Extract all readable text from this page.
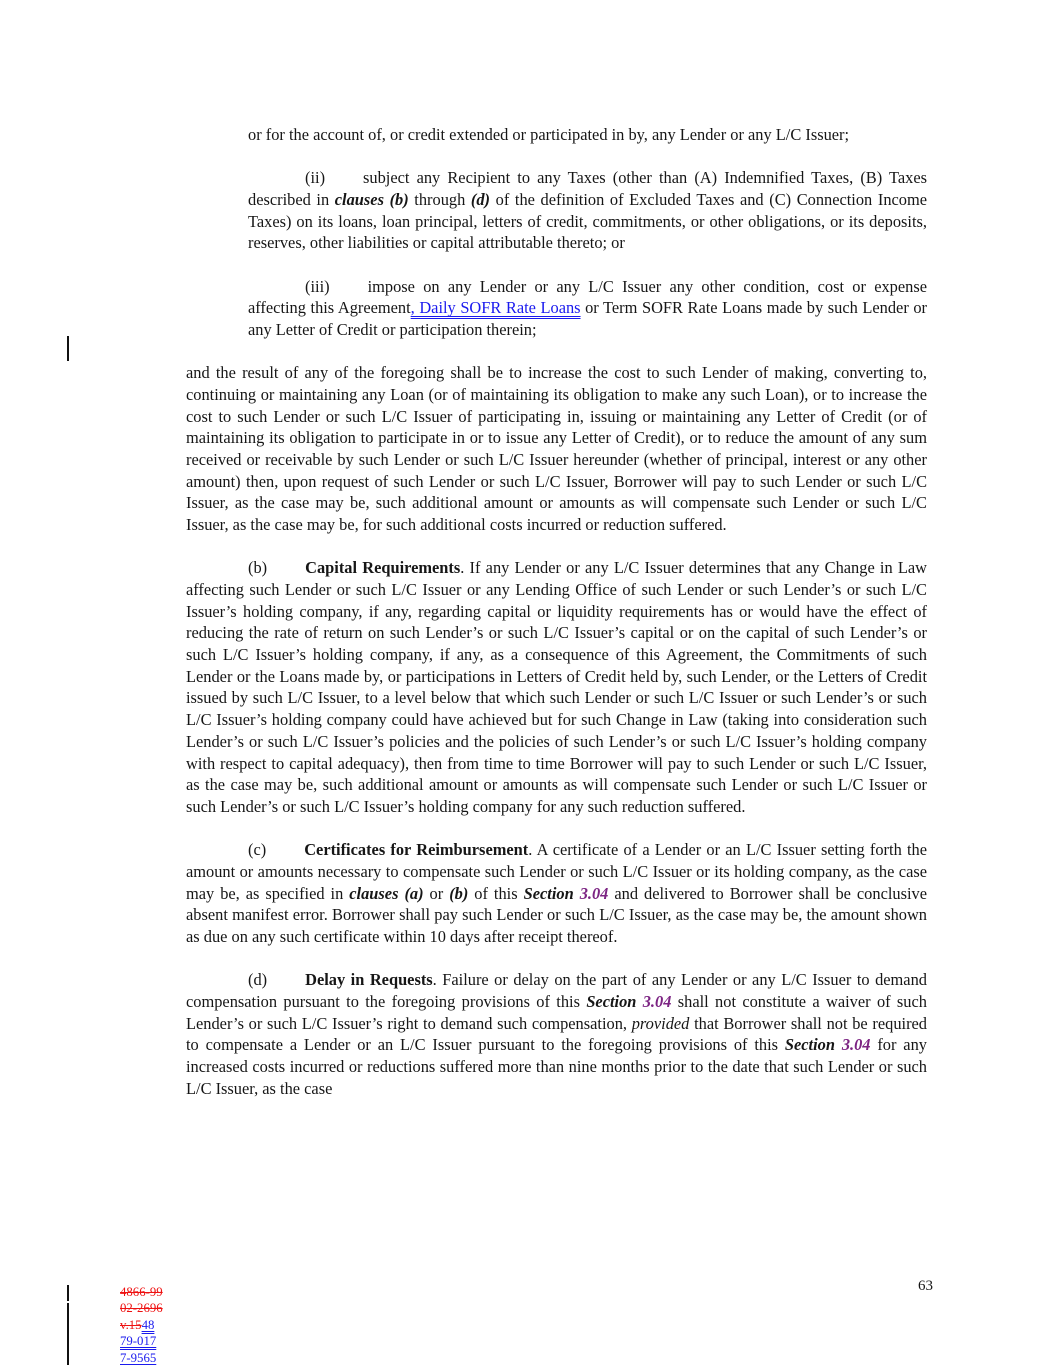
or for the account of, or credit extended or participated in by, any Lender or any L/C Issuer;

(ii) subject any Recipient to any Taxes (other than (A) Indemnified Taxes, (B) Taxes described in clauses (b) through (d) of the definition of Excluded Taxes and (C) Connection Income Taxes) on its loans, loan principal, letters of credit, commitments, or other obligations, or its deposits, reserves, other liabilities or capital attributable thereto; or

(iii) impose on any Lender or any L/C Issuer any other condition, cost or expense affecting this Agreement, Daily SOFR Rate Loans or Term SOFR Rate Loans made by such Lender or any Letter of Credit or participation therein;

and the result of any of the foregoing shall be to increase the cost to such Lender of making, converting to, continuing or maintaining any Loan (or of maintaining its obligation to make any such Loan), or to increase the cost to such Lender or such L/C Issuer of participating in, issuing or maintaining any Letter of Credit (or of maintaining its obligation to participate in or to issue any Letter of Credit), or to reduce the amount of any sum received or receivable by such Lender or such L/C Issuer hereunder (whether of principal, interest or any other amount) then, upon request of such Lender or such L/C Issuer, Borrower will pay to such Lender or such L/C Issuer, as the case may be, such additional amount or amounts as will compensate such Lender or such L/C Issuer, as the case may be, for such additional costs incurred or reduction suffered.

(b) Capital Requirements. If any Lender or any L/C Issuer determines that any Change in Law affecting such Lender or such L/C Issuer or any Lending Office of such Lender or such Lender’s or such L/C Issuer’s holding company, if any, regarding capital or liquidity requirements has or would have the effect of reducing the rate of return on such Lender’s or such L/C Issuer’s capital or on the capital of such Lender’s or such L/C Issuer’s holding company, if any, as a consequence of this Agreement, the Commitments of such Lender or the Loans made by, or participations in Letters of Credit held by, such Lender, or the Letters of Credit issued by such L/C Issuer, to a level below that which such Lender or such L/C Issuer or such Lender’s or such L/C Issuer’s holding company could have achieved but for such Change in Law (taking into consideration such Lender’s or such L/C Issuer’s policies and the policies of such Lender’s or such L/C Issuer’s holding company with respect to capital adequacy), then from time to time Borrower will pay to such Lender or such L/C Issuer, as the case may be, such additional amount or amounts as will compensate such Lender or such L/C Issuer or such Lender’s or such L/C Issuer’s holding company for any such reduction suffered.

(c) Certificates for Reimbursement. A certificate of a Lender or an L/C Issuer setting forth the amount or amounts necessary to compensate such Lender or such L/C Issuer or its holding company, as the case may be, as specified in clauses (a) or (b) of this Section 3.04 and delivered to Borrower shall be conclusive absent manifest error. Borrower shall pay such Lender or such L/C Issuer, as the case may be, the amount shown as due on any such certificate within 10 days after receipt thereof.

(d) Delay in Requests. Failure or delay on the part of any Lender or any L/C Issuer to demand compensation pursuant to the foregoing provisions of this Section 3.04 shall not constitute a waiver of such Lender’s or such L/C Issuer’s right to demand such compensation, provided that Borrower shall not be required to compensate a Lender or an L/C Issuer pursuant to the foregoing provisions of this Section 3.04 for any increased costs incurred or reductions suffered more than nine months prior to the date that such Lender or such L/C Issuer, as the case

4866-99
02-2696
v.1548
79-017
7-9565
63
